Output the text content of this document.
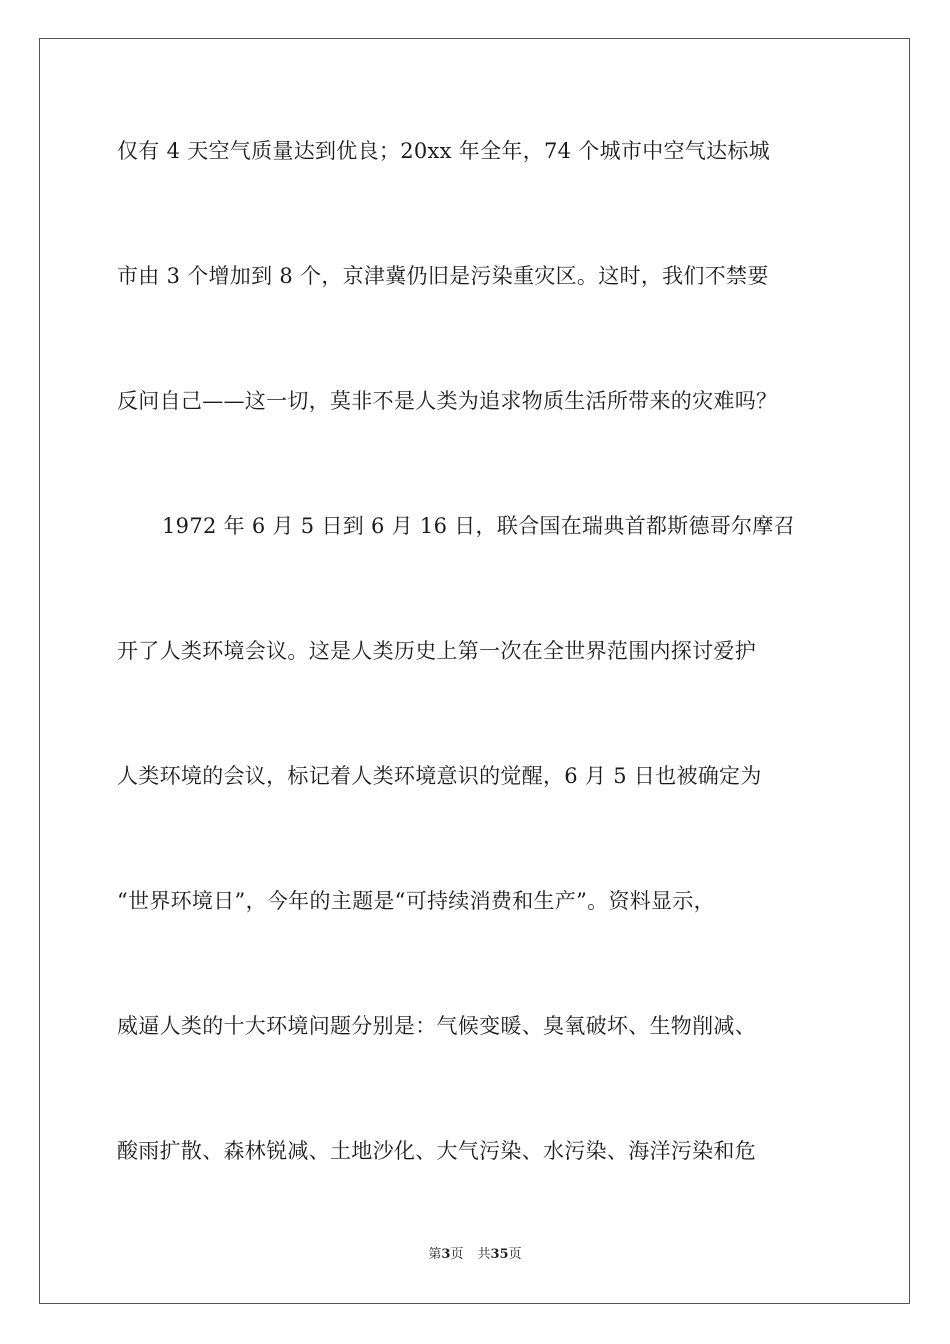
仅有 4 天空气质量达到优良；20xx 年全年，74 个城市中空气达标城
市由 3 个增加到 8 个，京津冀仍旧是污染重灾区。这时，我们不禁要
反问自己——这一切，莫非不是人类为追求物质生活所带来的灾难吗？
1972 年 6 月 5 日到 6 月 16 日，联合国在瑞典首都斯德哥尔摩召
开了人类环境会议。这是人类历史上第一次在全世界范围内探讨爱护
人类环境的会议，标记着人类环境意识的觉醒，6 月 5 日也被确定为
“世界环境日”，今年的主题是“可持续消费和生产”。资料显示，
威逼人类的十大环境问题分别是：气候变暖、臭氧破坏、生物削减、
酸雨扩散、森林锐减、土地沙化、大气污染、水污染、海洋污染和危
第3页 共35页
